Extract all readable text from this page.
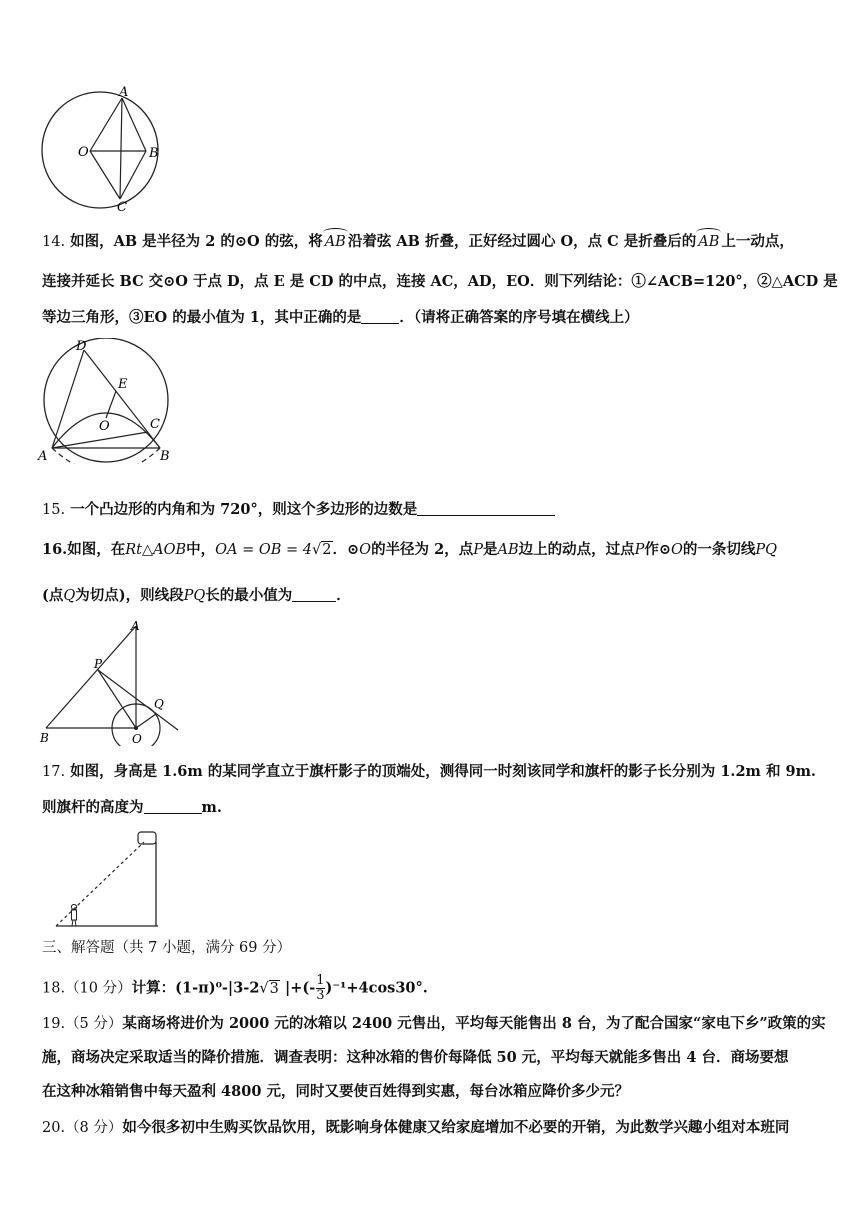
A
O	B
C
14. 如图，AB 是半径为 2 的⊙O 的弦，将 AB 沿着弦 AB 折叠，正好经过圆心 O，点 C 是折叠后的 AB 上一动点，
连接并延长 BC 交⊙O 于点 D，点 E 是 CD 的中点，连接 AC，AD，EO．则下列结论：①∠ACB=120°，②△ACD 是
等边三角形，③EO 的最小值为 1，其中正确的是	．（请将正确答案的序号填在横线上）
D
E
O	C
A	B
15. 一个凸边形的内角和为 720°，则这个多边形的边数是
16.如图，在Rt△AOB中，OA = OB = 4√2．⊙O的半径为 2，点P是AB边上的动点，过点P作⊙O的一条切线PQ
(点Q为切点)，则线段PQ长的最小值为	．
A
P
Q
B	O
17. 如图，身高是 1.6m 的某同学直立于旗杆影子的顶端处，测得同一时刻该同学和旗杆的影子长分别为 1.2m 和 9m.
则旗杆的高度为	m.
三、解答题（共 7 小题，满分 69 分）
18.（10 分）计算：(1-π)⁰-|3-2√3 |+(- $\frac{1}{3} )^{-1}+4\cos 30^\circ$.
19.（5 分）某商场将进价为 2000 元的冰箱以 2400 元售出，平均每天能售出 8 台，为了配合国家“家电下乡”政策的实
施，商场决定采取适当的降价措施．调查表明：这种冰箱的售价每降低 50 元，平均每天就能多售出 4 台．商场要想
在这种冰箱销售中每天盈利 4800 元，同时又要使百姓得到实惠，每台冰箱应降价多少元？
20.（8 分）如今很多初中生购买饮品饮用，既影响身体健康又给家庭增加不必要的开销，为此数学兴趣小组对本班同
